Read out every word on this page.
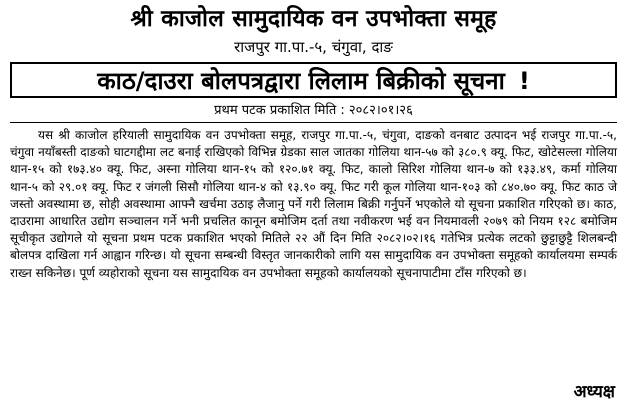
श्री काजोल सामुदायिक वन उपभोक्ता समूह
राजपुर गा.पा.-५, चंगुवा, दाङ
काठ/दाउरा बोलपत्रद्वारा लिलाम बिक्रीको सूचना !
प्रथम पटक प्रकाशित मिति : २०८२।०१।२६

यस श्री काजोल हरियाली सामुदायिक वन उपभोक्ता समूह, राजपुर गा.पा.-५, चंगुवा, दाङको वनबाट उत्पादन भई राजपुर गा.पा.-५, चंगुवा नयाँबस्ती दाङको घाटगद्दीमा लट बनाई राखिएको विभिन्न ग्रेडका साल जातका गोलिया थान-५७ को ३८०.९ क्यू. फिट, खोटेसल्ला गोलिया थान-१५ को १७३.४० क्यू. फिट, अस्ना गोलिया थान-१५ को १२०.७१ क्यू. फिट, कालो सिरिश गोलिया थान-७ को १३३.४९, कर्मा गोलिया थान-५ को २९.०१ क्यू. फिट र जंगली सिसौ गोलिया थान-४ को १३.९० क्यू. फिट गरी कूल गोलिया थान-१०३ को ८४०.७० क्यू. फिट काठ जे जस्तो अवस्थामा छ, सोही अवस्थामा आफ्नै खर्चमा उठाइ लैजानु पर्ने गरी लिलाम बिक्री गर्नुपर्ने भएकोले यो सूचना प्रकाशित गरिएको छ। काठ, दाउरामा आधारित उद्योग सञ्चालन गर्ने भनी प्रचलित कानून बमोजिम दर्ता तथा नवीकरण भई वन नियमावली २०७९ को नियम १२८ बमोजिम सूचीकृत उद्योगले यो सूचना प्रथम पटक प्रकाशित भएको मितिले २२ औं दिन मिति २०८२।०२।१६ गतेभित्र प्रत्येक लटको छुट्टाछुट्टै शिलबन्दी बोलपत्र दाखिला गर्न आह्वान गरिन्छ। यो सूचना सम्बन्धी विस्तृत जानकारीको लागि यस सामुदायिक वन उपभोक्ता समूहको कार्यालयमा सम्पर्क राख्न सकिनेछ। पूर्ण व्यहोराको सूचना यस सामुदायिक वन उपभोक्ता समूहको कार्यालयको सूचनापाटीमा टाँस गरिएको छ।

अध्यक्ष
